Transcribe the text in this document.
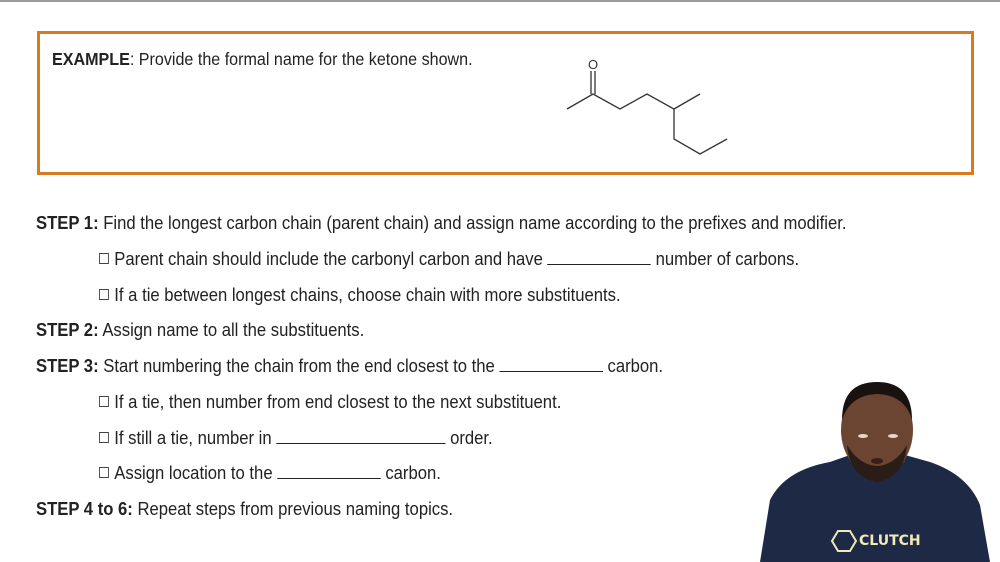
EXAMPLE: Provide the formal name for the ketone shown.	O
STEP 1: Find the longest carbon chain (parent chain) and assign name according to the prefixes and modifier.
Parent chain should include the carbonyl carbon and have	number of carbons.
If a tie between longest chains, choose chain with more substituents.
STEP 2: Assign name to all the substituents.
STEP 3: Start numbering the chain from the end closest to the	carbon.
If a tie, then number from end closest to the next substituent.
If still a tie, number in	order.
Assign location to the	carbon.
STEP 4 to 6: Repeat steps from previous naming topics.
CLUTCH
